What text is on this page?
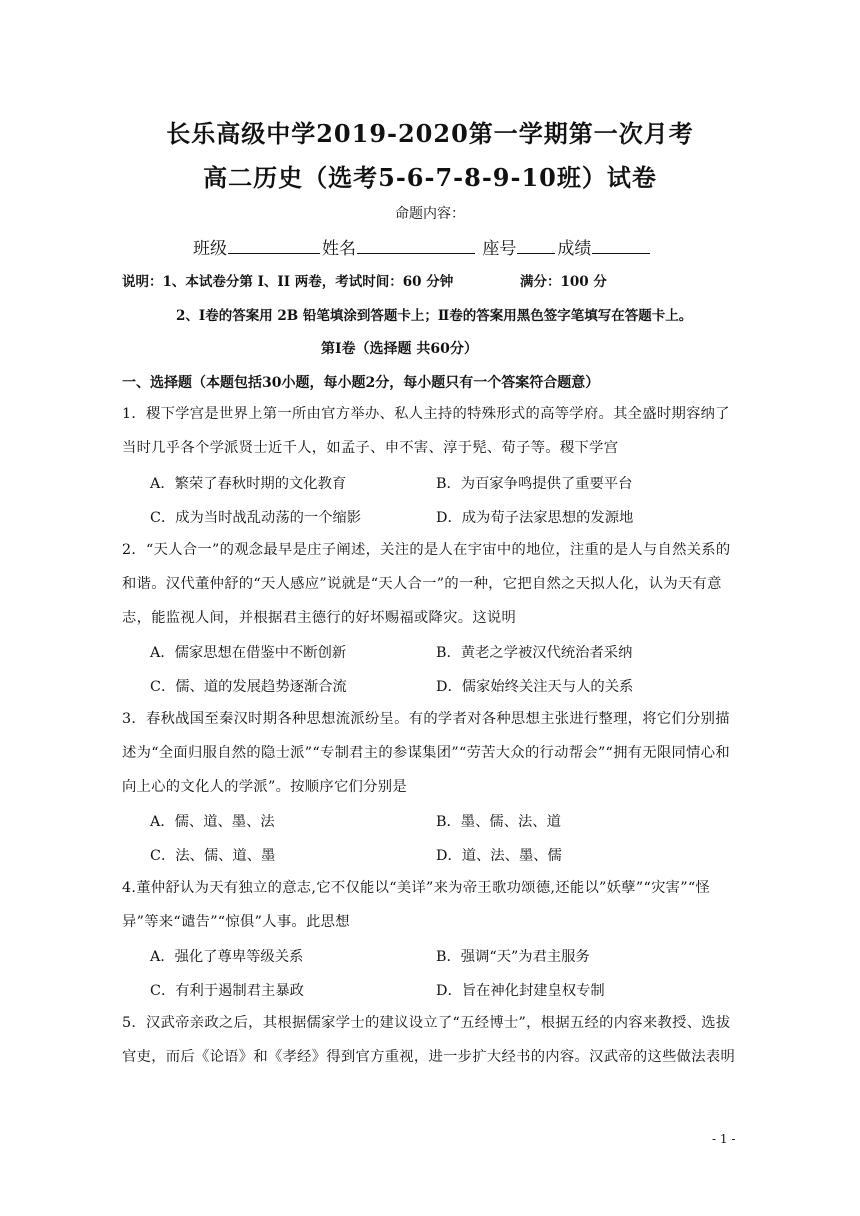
长乐高级中学2019-2020第一学期第一次月考
高二历史（选考5-6-7-8-9-10班）试卷
命题内容：
班级	姓名	座号 成绩
说明：1、本试卷分第 I、II 两卷，考试时间：60 分钟	满分：100 分
2、Ⅰ卷的答案用 2B 铅笔填涂到答题卡上；Ⅱ卷的答案用黑色签字笔填写在答题卡上。
第Ⅰ卷（选择题 共60分）
一、选择题（本题包括30小题，每小题2分，每小题只有一个答案符合题意）
1．稷下学宫是世界上第一所由官方举办、私人主持的特殊形式的高等学府。其全盛时期容纳了当时几乎各个学派贤士近千人，如孟子、申不害、淳于髡、荀子等。稷下学宫
A．繁荣了春秋时期的文化教育	B．为百家争鸣提供了重要平台
C．成为当时战乱动荡的一个缩影	D．成为荀子法家思想的发源地
2．“天人合一”的观念最早是庄子阐述，关注的是人在宇宙中的地位，注重的是人与自然关系的和谐。汉代董仲舒的“天人感应”说就是“天人合一”的一种，它把自然之天拟人化，认为天有意志，能监视人间，并根据君主德行的好坏赐福或降灾。这说明
A．儒家思想在借鉴中不断创新	B．黄老之学被汉代统治者采纳
C．儒、道的发展趋势逐渐合流	D．儒家始终关注天与人的关系
3．春秋战国至秦汉时期各种思想流派纷呈。有的学者对各种思想主张进行整理，将它们分别描述为“全面归服自然的隐士派”“专制君主的参谋集团”“劳苦大众的行动帮会”“拥有无限同情心和向上心的文化人的学派”。按顺序它们分别是
A．儒、道、墨、法	B．墨、儒、法、道
C．法、儒、道、墨	D．道、法、墨、儒
4.董仲舒认为天有独立的意志,它不仅能以“美详”来为帝王歌功颂德,还能以”妖孽”“灾害”“怪异”等来“谴告”“惊俱”人事。此思想
A．强化了尊卑等级关系	B．强调“天”为君主服务
C．有利于遏制君主暴政	D．旨在神化封建皇权专制
5．汉武帝亲政之后，其根据儒家学士的建议设立了“五经博士”，根据五经的内容来教授、选拔官吏，而后《论语》和《孝经》得到官方重视，进一步扩大经书的内容。汉武帝的这些做法表明
- 1 -
